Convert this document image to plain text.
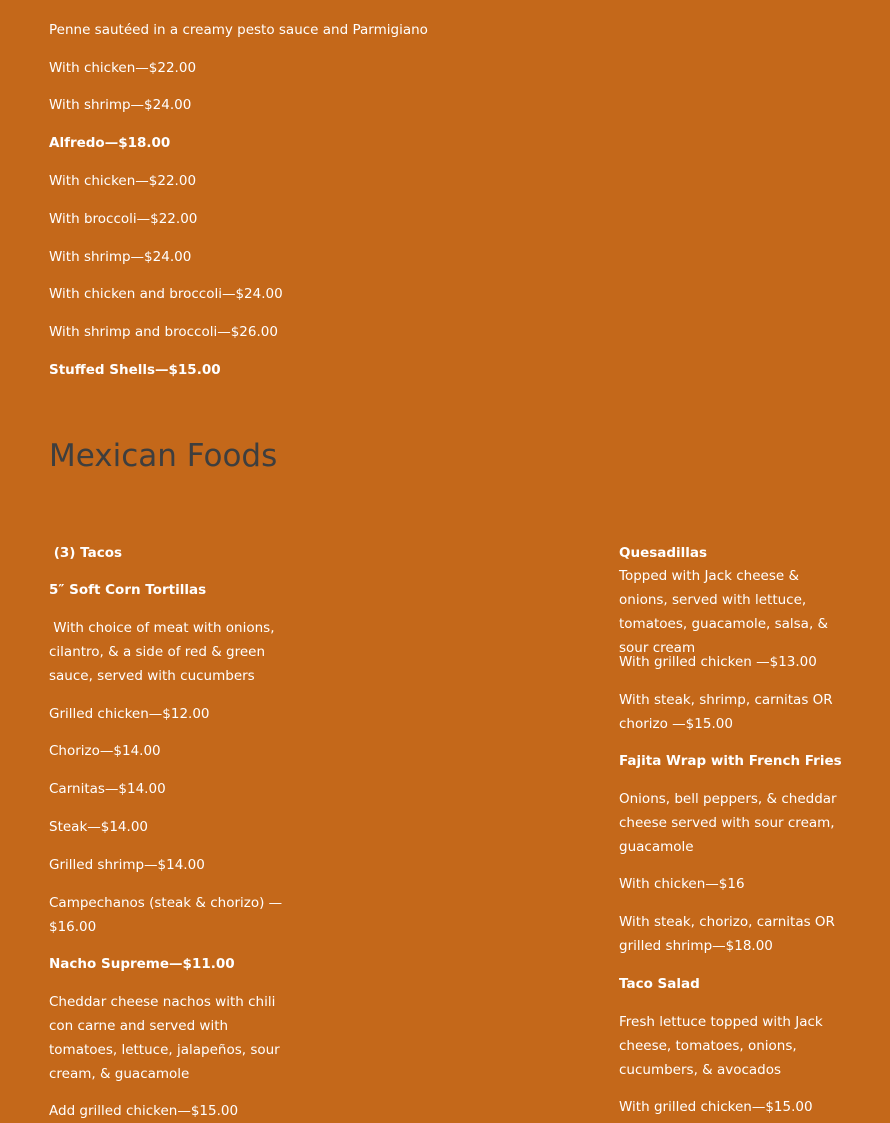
Penne sautéed in a creamy pesto sauce and Parmigiano

With chicken—$22.00

With shrimp—$24.00

Alfredo—$18.00

With chicken—$22.00

With broccoli—$22.00

With shrimp—$24.00

With chicken and broccoli—$24.00

With shrimp and broccoli—$26.00

Stuffed Shells—$15.00

Mexican Foods

(3) Tacos

5″ Soft Corn Tortillas

With choice of meat with onions, cilantro, & a side of red & green sauce, served with cucumbers

Grilled chicken—$12.00

Chorizo—$14.00

Carnitas—$14.00

Steak—$14.00

Grilled shrimp—$14.00

Campechanos (steak & chorizo) —$16.00

Nacho Supreme—$11.00

Cheddar cheese nachos with chili con carne and served with tomatoes, lettuce, jalapeños, sour cream, & guacamole

Add grilled chicken—$15.00

Quesadillas

Topped with Jack cheese & onions, served with lettuce, tomatoes, guacamole, salsa, & sour cream

With grilled chicken —$13.00

With steak, shrimp, carnitas OR chorizo —$15.00

Fajita Wrap with French Fries

Onions, bell peppers, & cheddar cheese served with sour cream, guacamole

With chicken—$16

With steak, chorizo, carnitas OR grilled shrimp—$18.00

Taco Salad

Fresh lettuce topped with Jack cheese, tomatoes, onions, cucumbers, & avocados

With grilled chicken—$15.00
